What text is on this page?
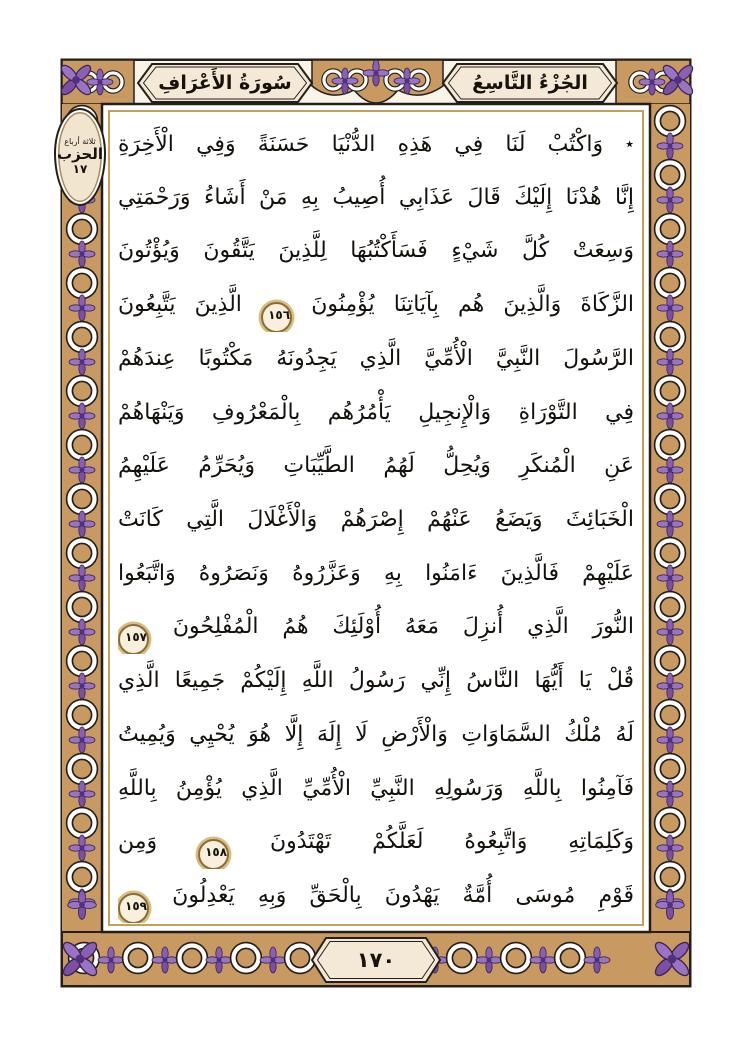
الجُزْءُ التَّاسِعُ
سُورَةُ الأَعْرَافِ
ثلاثة أرباع
الحزب
١٧
٭ وَاكْتُبْ لَنَا فِي هَذِهِ الدُّنْيَا حَسَنَةً وَفِي الْأَخِرَةِ
إِنَّا هُدْنَا إِلَيْكَ قَالَ عَذَابِي أُصِيبُ بِهِ مَنْ أَشَاءُ وَرَحْمَتِي
وَسِعَتْ كُلَّ شَيْءٍ فَسَأَكْتُبُهَا لِلَّذِينَ يَتَّقُونَ وَيُؤْتُونَ
الزَّكَاةَ وَالَّذِينَ هُم بِآيَاتِنَا يُؤْمِنُونَ ١٥٦ الَّذِينَ يَتَّبِعُونَ
الرَّسُولَ النَّبِيَّ الْأُمِّيَّ الَّذِي يَجِدُونَهُ مَكْتُوبًا عِندَهُمْ
فِي التَّوْرَاةِ وَالْإِنجِيلِ يَأْمُرُهُم بِالْمَعْرُوفِ وَيَنْهَاهُمْ
عَنِ الْمُنكَرِ وَيُحِلُّ لَهُمُ الطَّيِّبَاتِ وَيُحَرِّمُ عَلَيْهِمُ
الْخَبَائِثَ وَيَضَعُ عَنْهُمْ إِصْرَهُمْ وَالْأَغْلَالَ الَّتِي كَانَتْ
عَلَيْهِمْ فَالَّذِينَ ءَامَنُوا بِهِ وَعَزَّرُوهُ وَنَصَرُوهُ وَاتَّبَعُوا
النُّورَ الَّذِي أُنزِلَ مَعَهُ أُوْلَئِكَ هُمُ الْمُفْلِحُونَ ١٥٧
قُلْ يَا أَيُّهَا النَّاسُ إِنِّي رَسُولُ اللَّهِ إِلَيْكُمْ جَمِيعًا الَّذِي
لَهُ مُلْكُ السَّمَاوَاتِ وَالْأَرْضِ لَا إِلَهَ إِلَّا هُوَ يُحْيِي وَيُمِيتُ
فَآمِنُوا بِاللَّهِ وَرَسُولِهِ النَّبِيِّ الْأُمِّيِّ الَّذِي يُؤْمِنُ بِاللَّهِ
وَكَلِمَاتِهِ وَاتَّبِعُوهُ لَعَلَّكُمْ تَهْتَدُونَ ١٥٨ وَمِن
قَوْمِ مُوسَى أُمَّةٌ يَهْدُونَ بِالْحَقِّ وَبِهِ يَعْدِلُونَ ١٥٩
١٧٠
